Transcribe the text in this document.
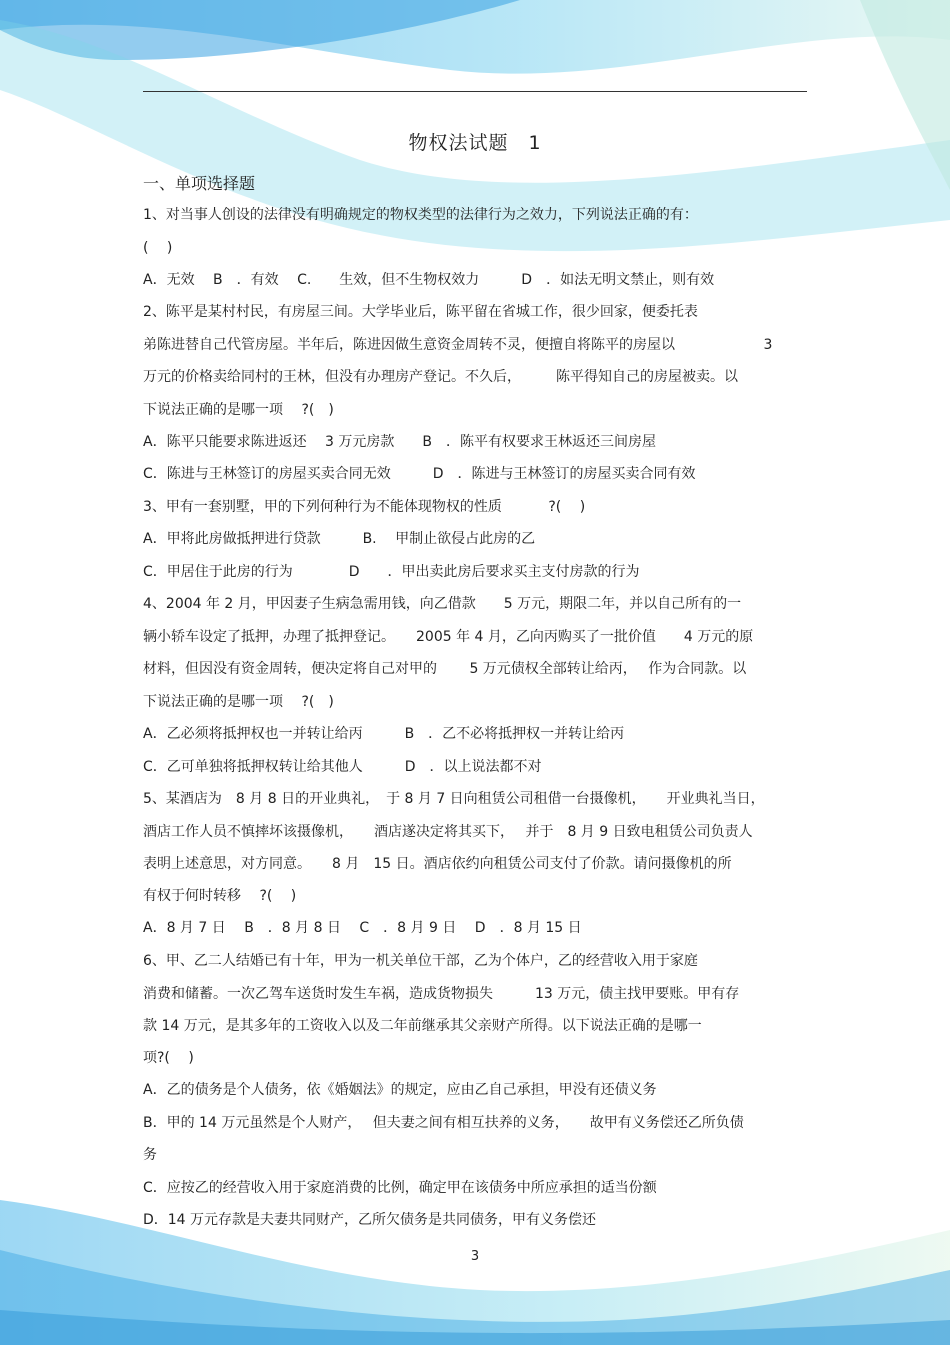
物权法试题　1
一、单项选择题
1、对当事人创设的法律没有明确规定的物权类型的法律行为之效力，下列说法正确的有：
(　 )
A．无效　 B　．有效　 C.　　生效，但不生物权效力　　　D　．如法无明文禁止，则有效
2、陈平是某村村民，有房屋三间。大学毕业后，陈平留在省城工作，很少回家，便委托表
弟陈进替自己代管房屋。半年后，陈进因做生意资金周转不灵，便擅自将陈平的房屋以　　　　　　 3
万元的价格卖给同村的王林，但没有办理房产登记。不久后，　　　陈平得知自己的房屋被卖。以
下说法正确的是哪一项　 ?(　)
A．陈平只能要求陈进返还　 3 万元房款　　B　．陈平有权要求王林返还三间房屋
C．陈进与王林签订的房屋买卖合同无效　　　D　．陈进与王林签订的房屋买卖合同有效
3、甲有一套别墅，甲的下列何种行为不能体现物权的性质　　　 ?(　 )
A．甲将此房做抵押进行贷款　　　B.　 甲制止欲侵占此房的乙
C．甲居住于此房的行为　　　　D　　．甲出卖此房后要求买主支付房款的行为
4、2004 年 2 月，甲因妻子生病急需用钱，向乙借款　　5 万元，期限二年，并以自己所有的一
辆小轿车设定了抵押，办理了抵押登记。　　2005 年 4 月，乙向丙购买了一批价值　　4 万元的原
材料，但因没有资金周转，便决定将自己对甲的　　 5 万元债权全部转让给丙，　 作为合同款。以
下说法正确的是哪一项　 ?(　)
A．乙必须将抵押权也一并转让给丙　　　B　．乙不必将抵押权一并转让给丙
C．乙可单独将抵押权转让给其他人　　　D　．以上说法都不对
5、某酒店为　8 月 8 日的开业典礼，　于 8 月 7 日向租赁公司租借一台摄像机，　　开业典礼当日，
酒店工作人员不慎摔坏该摄像机，　　酒店遂决定将其买下，　 并于　8 月 9 日致电租赁公司负责人
表明上述意思，对方同意。　　8 月　15 日。酒店依约向租赁公司支付了价款。请问摄像机的所
有权于何时转移　 ?(　 )
A．8 月 7 日　 B　．8 月 8 日　 C　．8 月 9 日　 D　．8 月 15 日
6、甲、乙二人结婚已有十年，甲为一机关单位干部，乙为个体户，乙的经营收入用于家庭
消费和储蓄。一次乙驾车送货时发生车祸，造成货物损失　　　13 万元，债主找甲要账。甲有存
款 14 万元，是其多年的工资收入以及二年前继承其父亲财产所得。以下说法正确的是哪一
项?(　 )
A．乙的债务是个人债务，依《婚姻法》的规定，应由乙自己承担，甲没有还债义务
B．甲的 14 万元虽然是个人财产，　 但夫妻之间有相互扶养的义务，　　故甲有义务偿还乙所负债
务
C．应按乙的经营收入用于家庭消费的比例，确定甲在该债务中所应承担的适当份额
D．14 万元存款是夫妻共同财产，乙所欠债务是共同债务，甲有义务偿还
3
